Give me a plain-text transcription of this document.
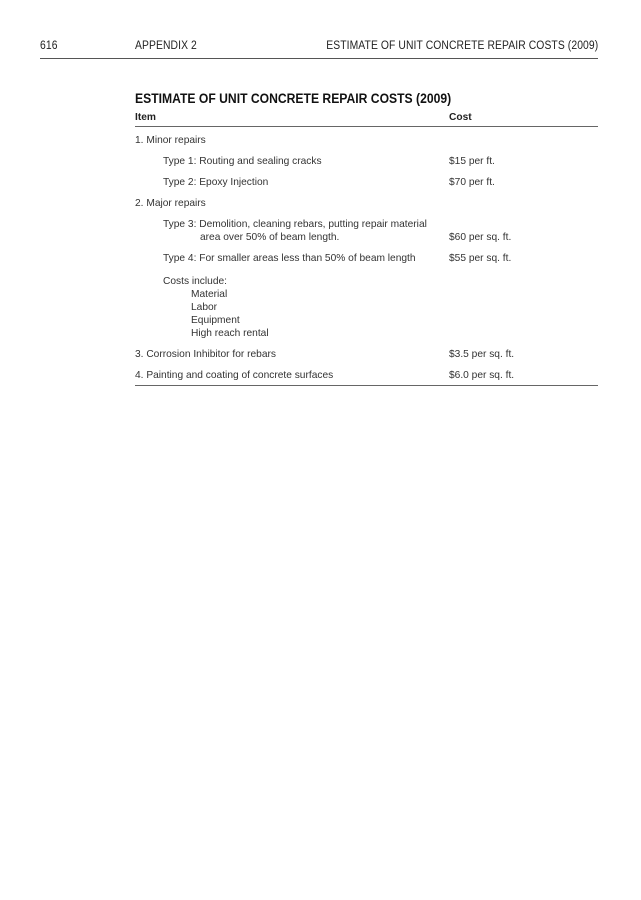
616	APPENDIX 2	ESTIMATE OF UNIT CONCRETE REPAIR COSTS (2009)
ESTIMATE OF UNIT CONCRETE REPAIR COSTS (2009)
Item	Cost
1. Minor repairs
Type 1: Routing and sealing cracks	$15 per ft.
Type 2: Epoxy Injection	$70 per ft.
2. Major repairs
Type 3: Demolition, cleaning rebars, putting repair material
area over 50% of beam length.	$60 per sq. ft.
Type 4: For smaller areas less than 50% of beam length	$55 per sq. ft.
Costs include:
Material
Labor
Equipment
High reach rental
3. Corrosion Inhibitor for rebars	$3.5 per sq. ft.
4. Painting and coating of concrete surfaces	$6.0 per sq. ft.
